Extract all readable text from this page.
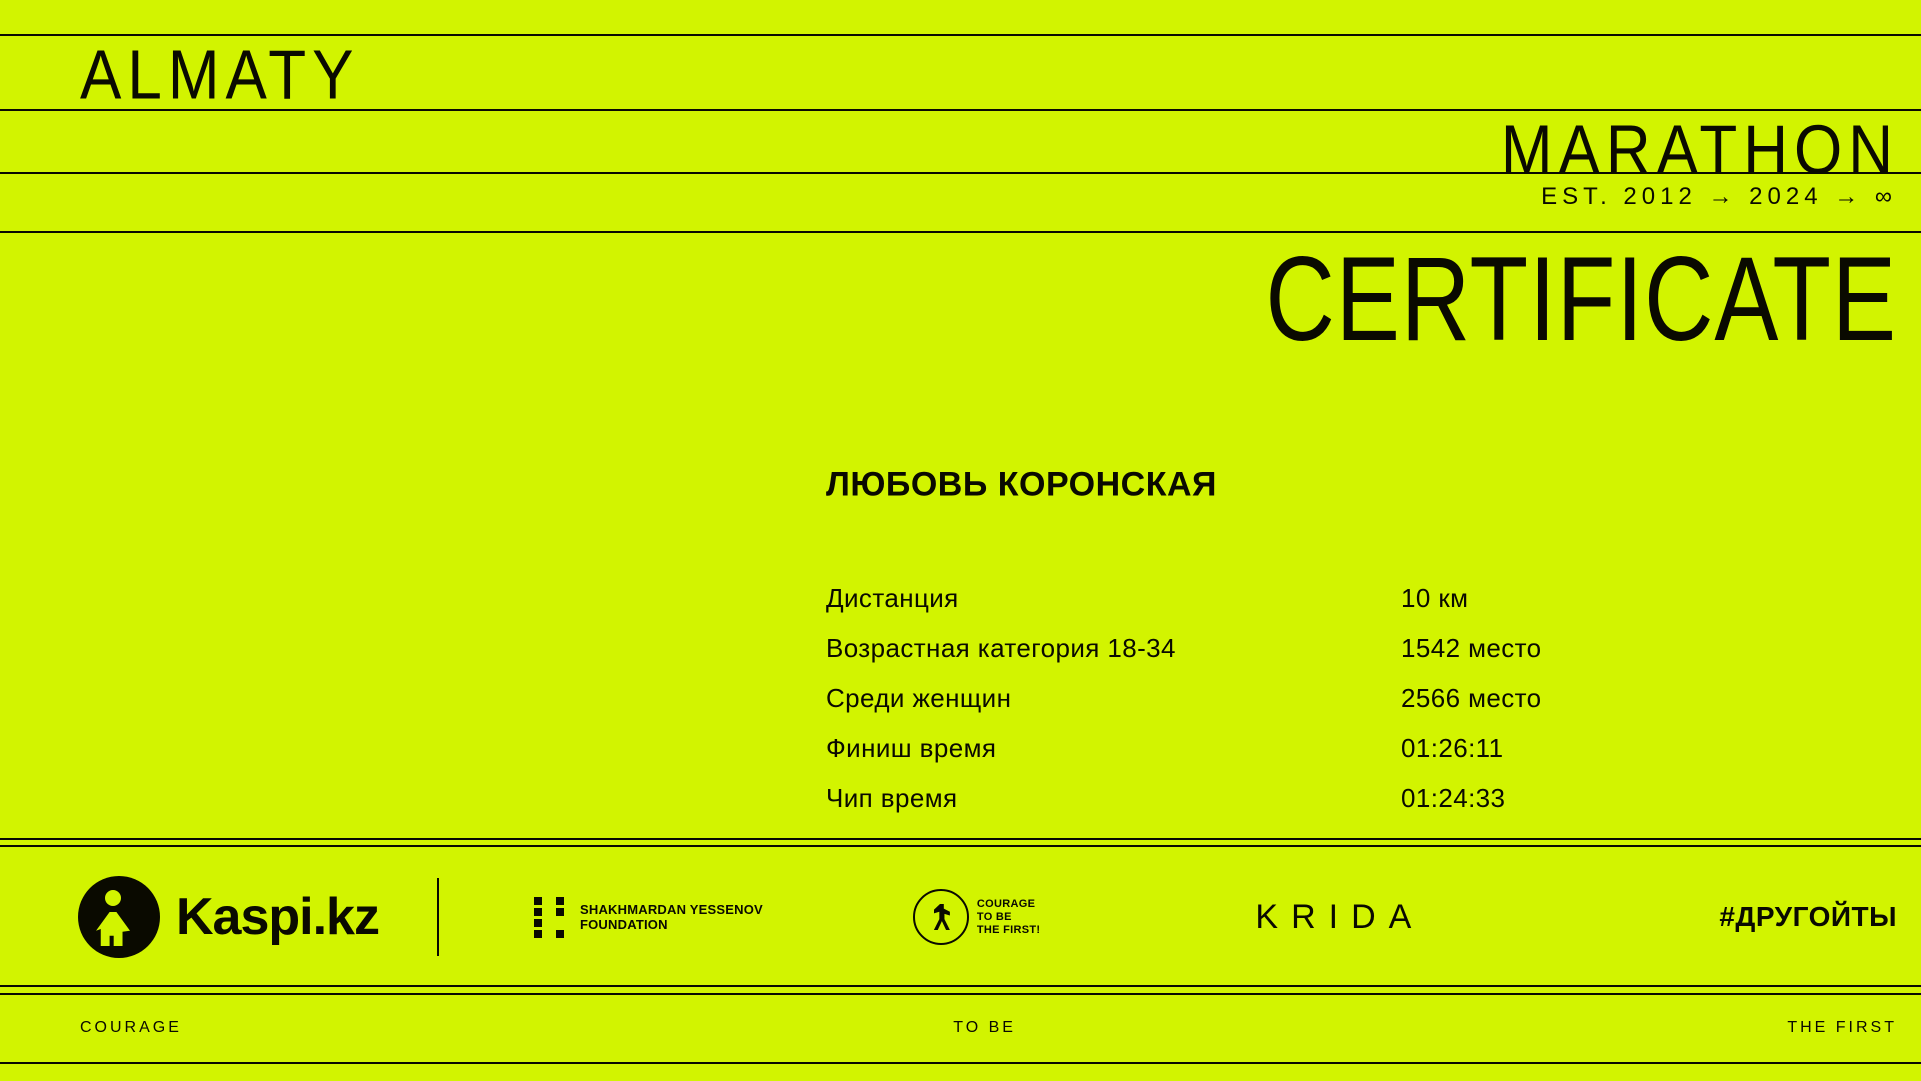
ALMATY
MARATHON
EST. 2012 → 2024 → ∞
CERTIFICATE
ЛЮБОВЬ КОРОНСКАЯ
Дистанция	10 км
Возрастная категория 18-34	1542 место
Среди женщин	2566 место
Финиш время	01:26:11
Чип время	01:24:33
Kaspi.kz	SHAKHMARDAN YESSENOV
FOUNDATION
COURAGE
TO BE
THE FIRST!	KRIDA	#ДРУГОЙТЫ
COURAGE	TO BE	THE FIRST
